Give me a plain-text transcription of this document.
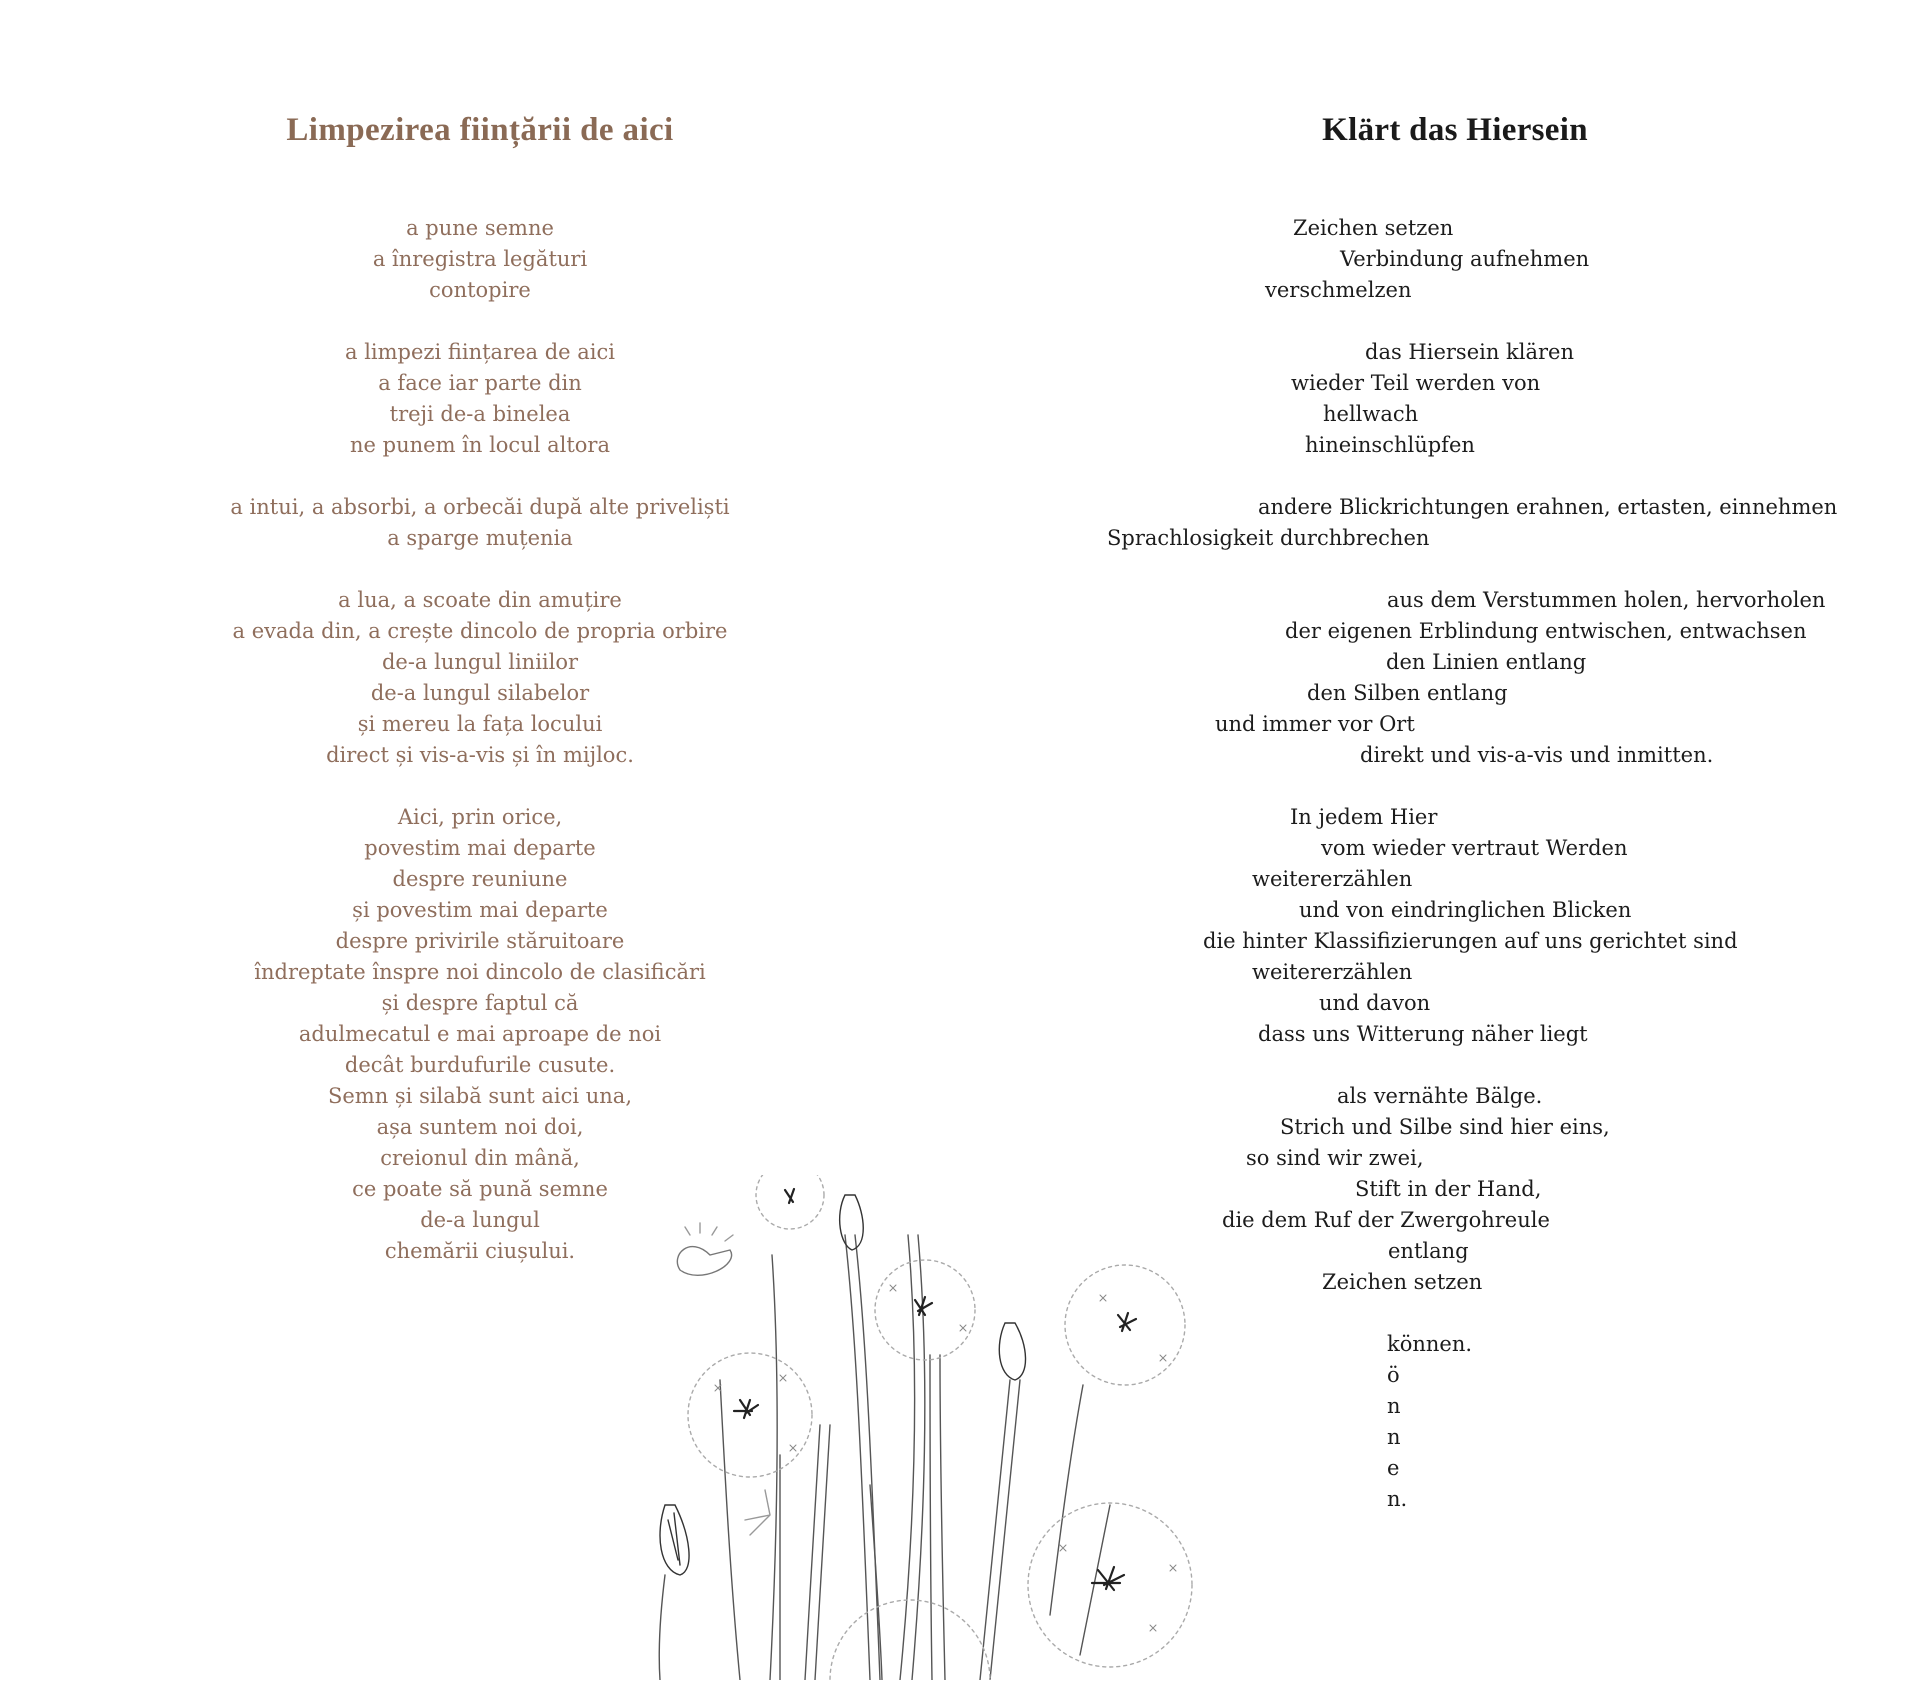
Limpezirea ființării de aici	Klärt das Hiersein
a pune semne
a înregistra legături
contopire
a limpezi ființarea de aici
a face iar parte din
treji de-a binelea
ne punem în locul altora
a intui, a absorbi, a orbecăi după alte priveliști
a sparge muțenia
a lua, a scoate din amuțire
a evada din, a crește dincolo de propria orbire
de-a lungul liniilor
de-a lungul silabelor
și mereu la fața locului
direct și vis-a-vis și în mijloc.
Aici, prin orice,
povestim mai departe
despre reuniune
și povestim mai departe
despre privirile stăruitoare
îndreptate înspre noi dincolo de clasificări
și despre faptul că
adulmecatul e mai aproape de noi
decât burdufurile cusute.
Semn și silabă sunt aici una,
așa suntem noi doi,
creionul din mână,
ce poate să pună semne
de-a lungul
chemării ciușului.
Zeichen setzen
Verbindung aufnehmen
verschmelzen
das Hiersein klären
wieder Teil werden von
hellwach
hineinschlüpfen
andere Blickrichtungen erahnen, ertasten, einnehmen
Sprachlosigkeit durchbrechen
aus dem Verstummen holen, hervorholen
der eigenen Erblindung entwischen, entwachsen
den Linien entlang
den Silben entlang
und immer vor Ort
direkt und vis-a-vis und inmitten.
In jedem Hier
vom wieder vertraut Werden
weitererzählen
und von eindringlichen Blicken
die hinter Klassifizierungen auf uns gerichtet sind
weitererzählen
und davon
dass uns Witterung näher liegt
als vernähte Bälge.
Strich und Silbe sind hier eins,
so sind wir zwei,
Stift in der Hand,
die dem Ruf der Zwergohreule
entlang
Zeichen setzen
können.
ö
n
n
e
n.
